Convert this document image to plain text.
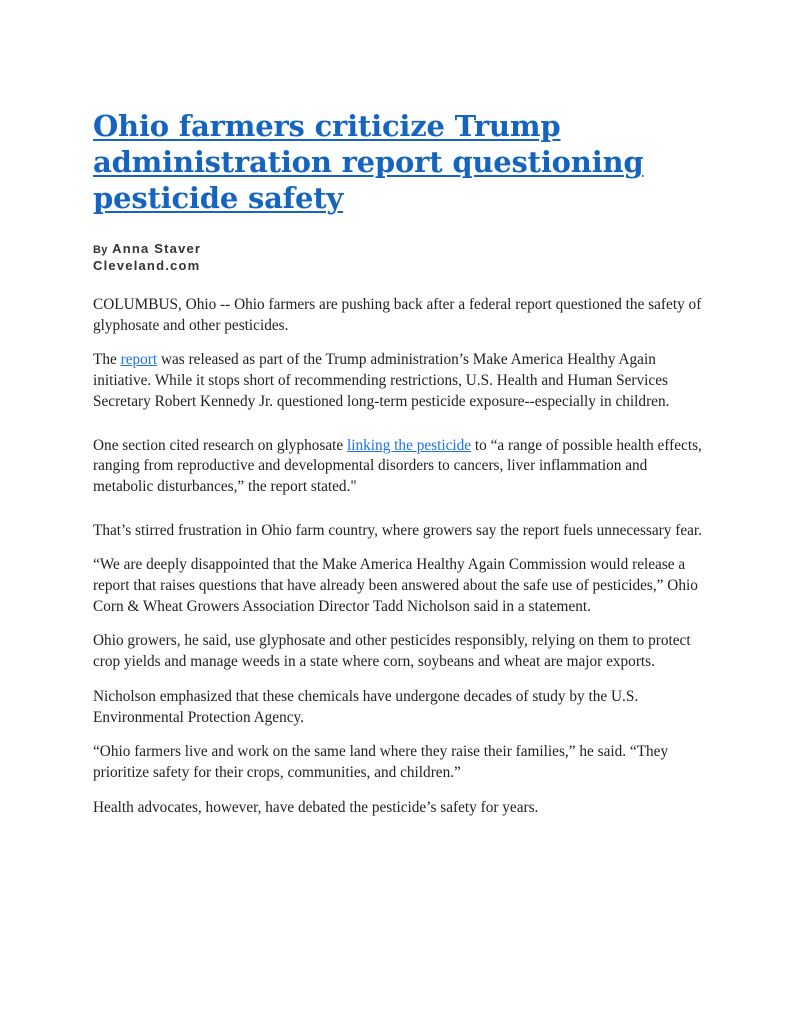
Ohio farmers criticize Trump administration report questioning pesticide safety
By Anna Staver
Cleveland.com

COLUMBUS, Ohio -- Ohio farmers are pushing back after a federal report questioned the safety of glyphosate and other pesticides.

The report was released as part of the Trump administration’s Make America Healthy Again initiative. While it stops short of recommending restrictions, U.S. Health and Human Services Secretary Robert Kennedy Jr. questioned long-term pesticide exposure--especially in children.

One section cited research on glyphosate linking the pesticide to “a range of possible health effects, ranging from reproductive and developmental disorders to cancers, liver inflammation and metabolic disturbances,” the report stated."

That’s stirred frustration in Ohio farm country, where growers say the report fuels unnecessary fear.

“We are deeply disappointed that the Make America Healthy Again Commission would release a report that raises questions that have already been answered about the safe use of pesticides,” Ohio Corn & Wheat Growers Association Director Tadd Nicholson said in a statement.

Ohio growers, he said, use glyphosate and other pesticides responsibly, relying on them to protect crop yields and manage weeds in a state where corn, soybeans and wheat are major exports.

Nicholson emphasized that these chemicals have undergone decades of study by the U.S. Environmental Protection Agency.

“Ohio farmers live and work on the same land where they raise their families,” he said. “They prioritize safety for their crops, communities, and children.”

Health advocates, however, have debated the pesticide’s safety for years.
